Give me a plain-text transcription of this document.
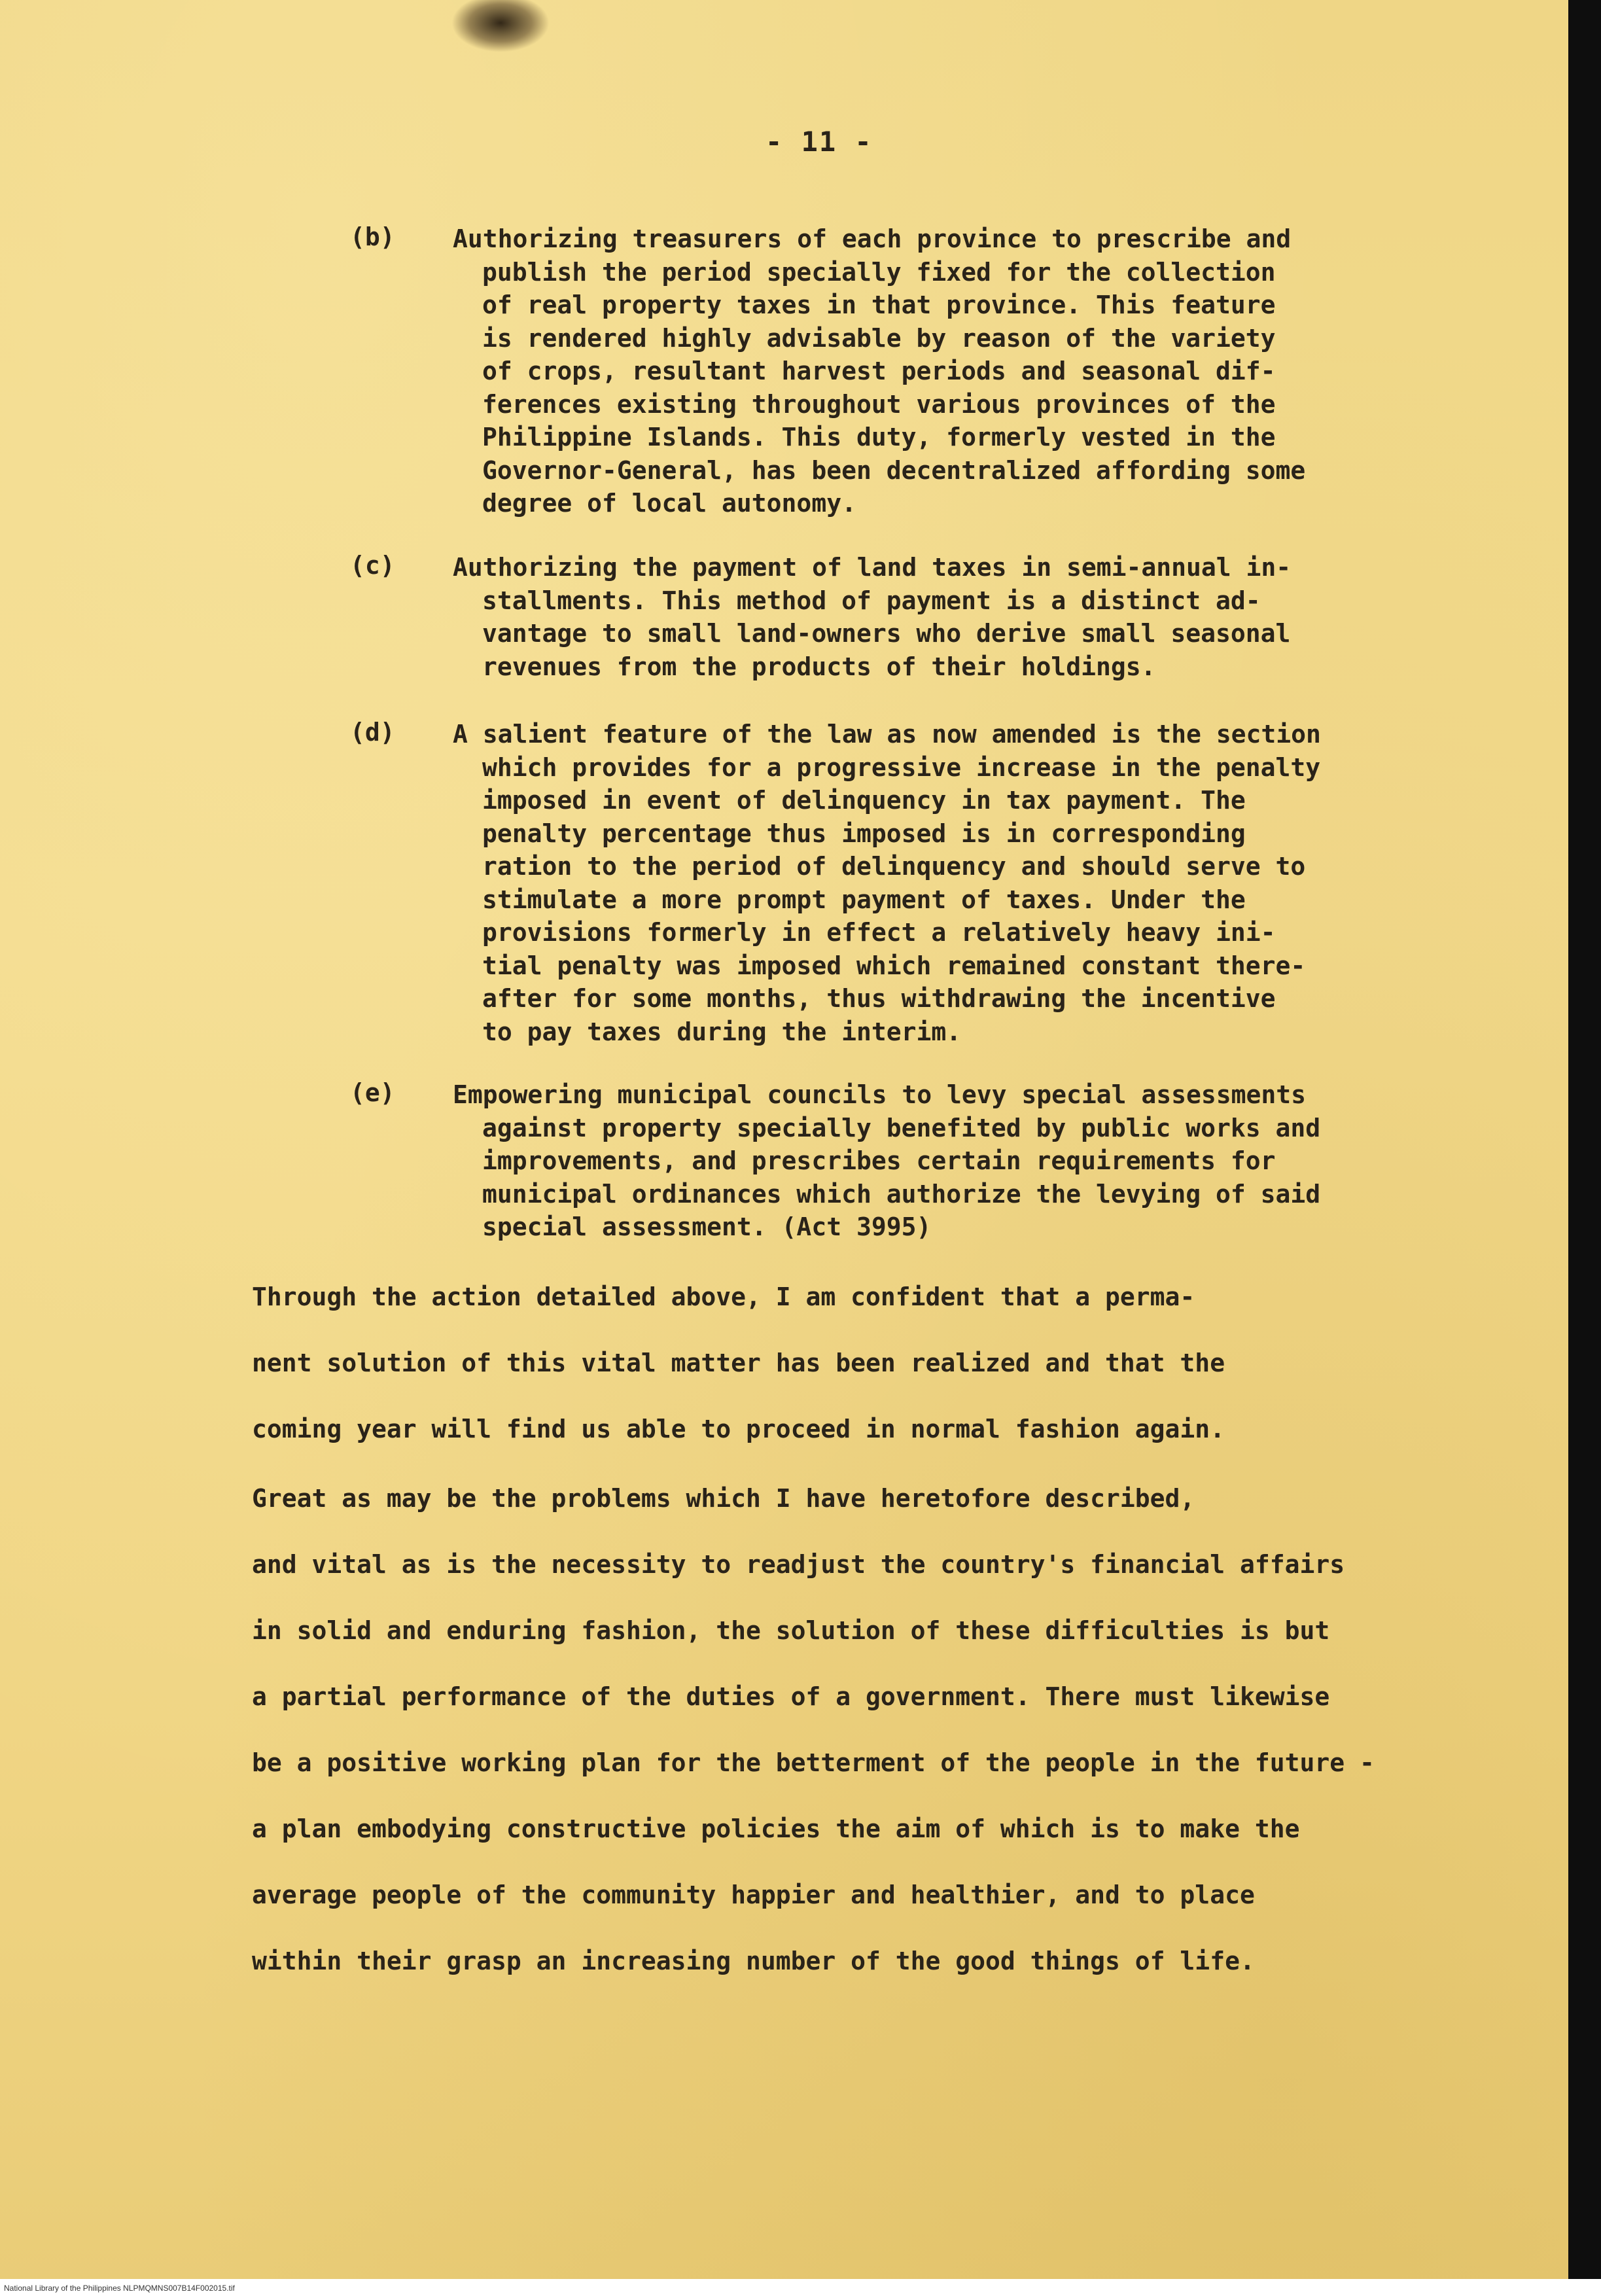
- 11 -
(b) Authorizing treasurers of each province to prescribe and
publish the period specially fixed for the collection
of real property taxes in that province. This feature
is rendered highly advisable by reason of the variety
of crops, resultant harvest periods and seasonal dif-
ferences existing throughout various provinces of the
Philippine Islands. This duty, formerly vested in the
Governor-General, has been decentralized affording some
degree of local autonomy.
(c) Authorizing the payment of land taxes in semi-annual in-
stallments. This method of payment is a distinct ad-
vantage to small land-owners who derive small seasonal
revenues from the products of their holdings.
(d) A salient feature of the law as now amended is the section
which provides for a progressive increase in the penalty
imposed in event of delinquency in tax payment. The
penalty percentage thus imposed is in corresponding
ration to the period of delinquency and should serve to
stimulate a more prompt payment of taxes. Under the
provisions formerly in effect a relatively heavy ini-
tial penalty was imposed which remained constant there-
after for some months, thus withdrawing the incentive
to pay taxes during the interim.
(e) Empowering municipal councils to levy special assessments
against property specially benefited by public works and
improvements, and prescribes certain requirements for
municipal ordinances which authorize the levying of said
special assessment. (Act 3995)
Through the action detailed above, I am confident that a perma-
nent solution of this vital matter has been realized and that the
coming year will find us able to proceed in normal fashion again.
Great as may be the problems which I have heretofore described,
and vital as is the necessity to readjust the country's financial affairs
in solid and enduring fashion, the solution of these difficulties is but
a partial performance of the duties of a government. There must likewise
be a positive working plan for the betterment of the people in the future -
a plan embodying constructive policies the aim of which is to make the
average people of the community happier and healthier, and to place
within their grasp an increasing number of the good things of life.
National Library of the Philippines NLPMQMNS007B14F002015.tif
